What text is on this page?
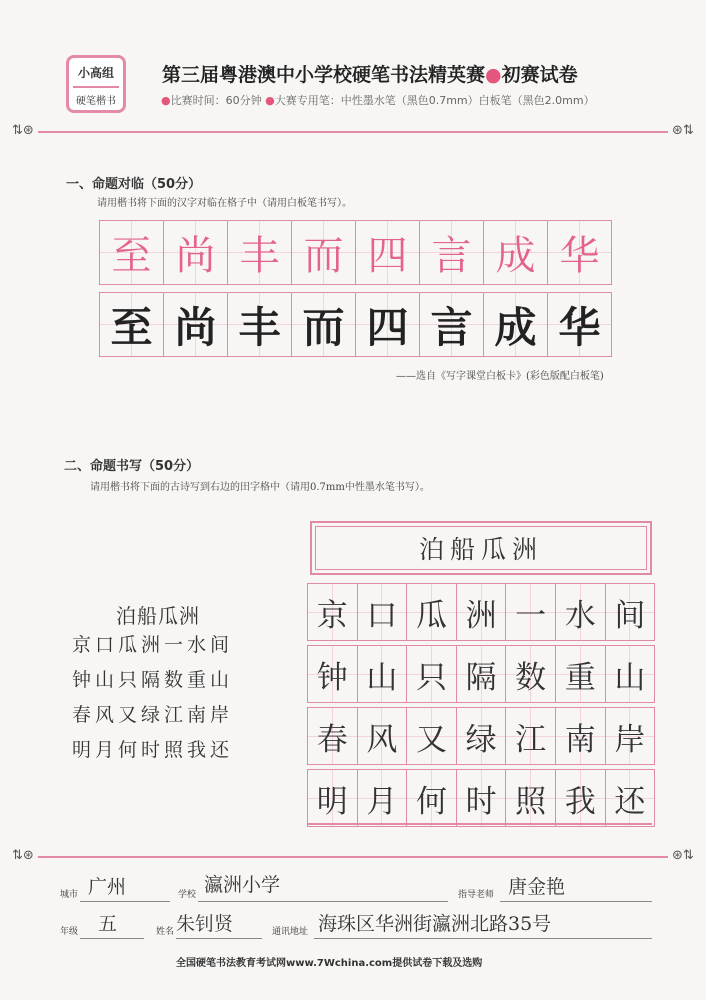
小高组
硬笔楷书
第三届粤港澳中小学校硬笔书法精英赛●初赛试卷
●比赛时间：60分钟 ●大赛专用笔：中性墨水笔（黑色0.7mm）白板笔（黑色2.0mm）
⇅⊛	⊛⇅
一、命题对临（50分）
请用楷书将下面的汉字对临在格子中（请用白板笔书写）。
至 尚 丰 而 四 言 成 华
至 尚 丰 而 四 言 成 华
——选自《写字课堂白板卡》(彩色版配白板笔)
二、命题书写（50分）
请用楷书将下面的古诗写到右边的田字格中（请用0.7mm中性墨水笔书写）。
泊船瓜洲
京口瓜洲一水间
钟山只隔数重山
春风又绿江南岸
明月何时照我还
泊船瓜洲
京 口 瓜 洲 一 水 间
钟 山 只 隔 数 重 山
春 风 又 绿 江 南 岸
明 月 何 时 照 我 还
⇅⊛	⊛⇅
城市 广州	学校 瀛洲小学	指导老师 唐金艳
年级 五	姓名 朱钊贤	通讯地址 海珠区华洲街瀛洲北路35号
全国硬笔书法教育考试网www.7Wchina.com提供试卷下载及选购
